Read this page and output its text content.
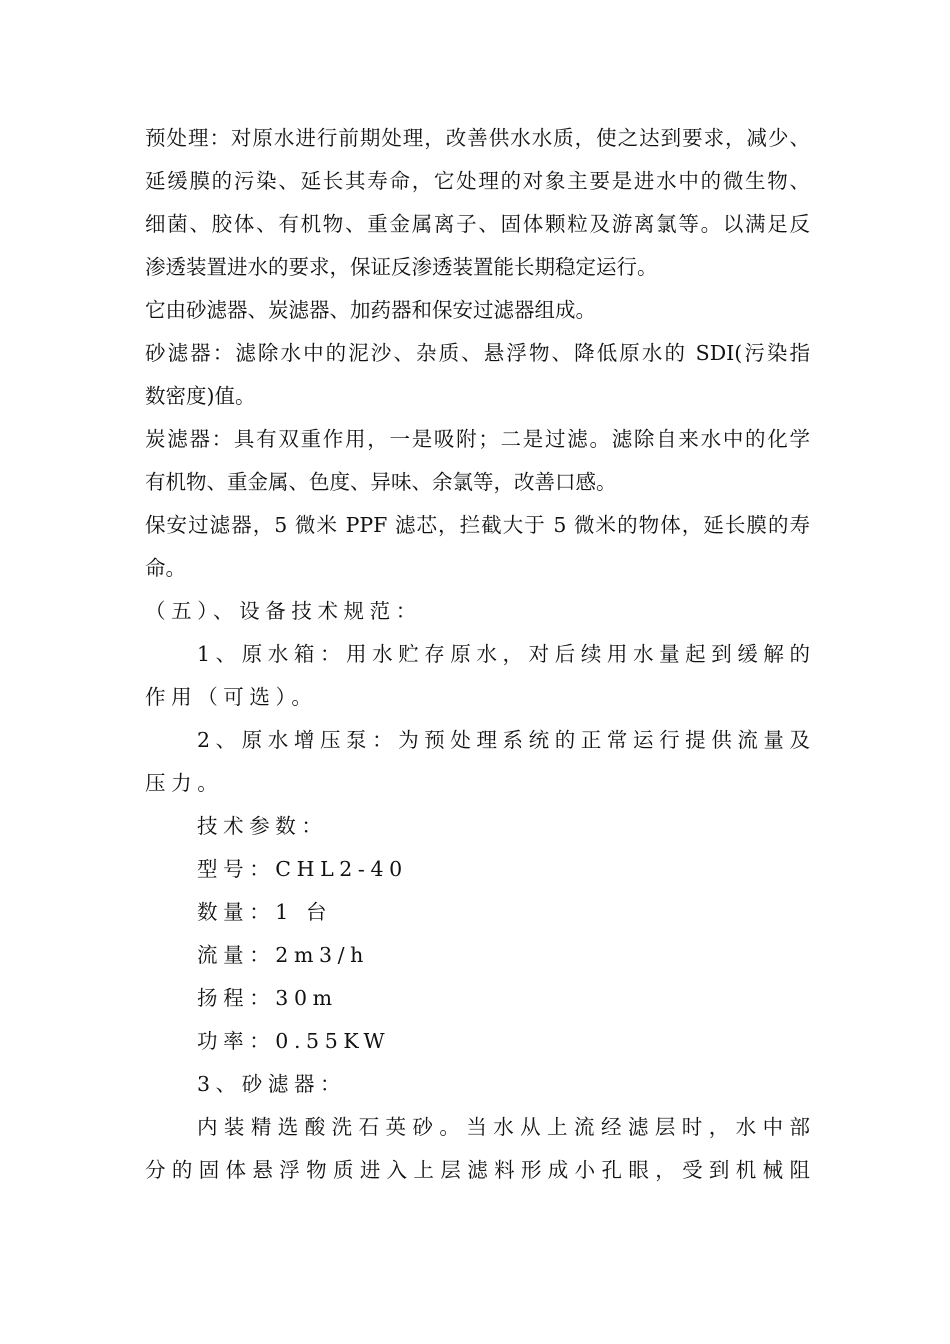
预处理：对原水进行前期处理，改善供水水质，使之达到要求，减少、
延缓膜的污染、延长其寿命，它处理的对象主要是进水中的微生物、
细菌、胶体、有机物、重金属离子、固体颗粒及游离氯等。以满足反
渗透装置进水的要求，保证反渗透装置能长期稳定运行。
它由砂滤器、炭滤器、加药器和保安过滤器组成。
砂滤器：滤除水中的泥沙、杂质、悬浮物、降低原水的 SDI(污染指
数密度)值。
炭滤器：具有双重作用，一是吸附；二是过滤。滤除自来水中的化学
有机物、重金属、色度、异味、余氯等，改善口感。
保安过滤器，5 微米 PPF 滤芯，拦截大于 5 微米的物体，延长膜的寿
命。
（五）、设备技术规范：
1、原水箱：用水贮存原水，对后续用水量起到缓解的
作用（可选）。
2、原水增压泵：为预处理系统的正常运行提供流量及
压力。
技术参数：
型号：CHL2-40
数量：1 台
流量：2m3/h
扬程：30m
功率：0.55KW
3、砂滤器：
内装精选酸洗石英砂。当水从上流经滤层时，水中部
分的固体悬浮物质进入上层滤料形成小孔眼，受到机械阻
